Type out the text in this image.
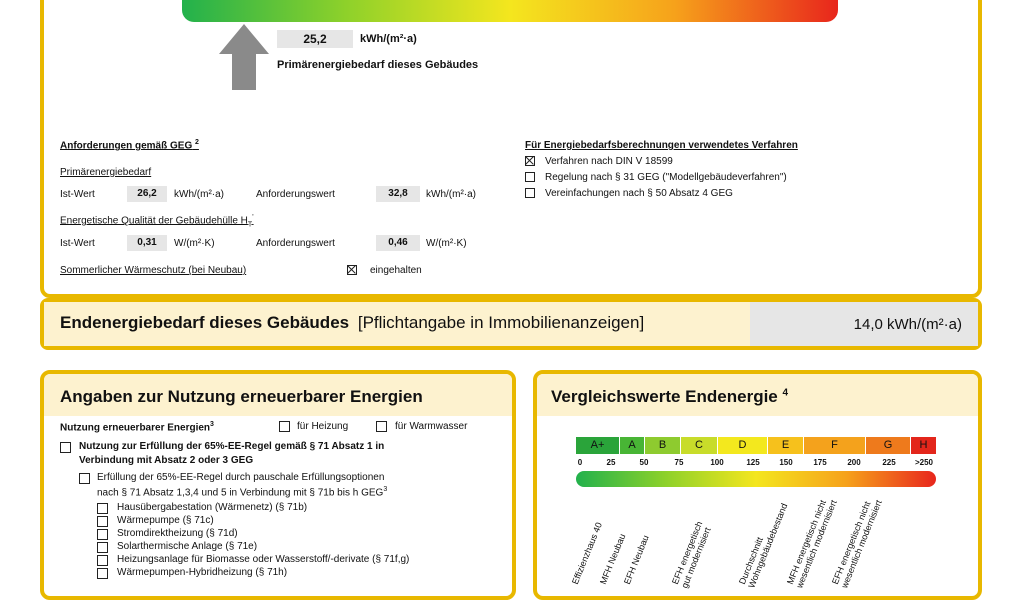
25,2	kWh/(m²·a)
Primärenergiebedarf dieses Gebäudes
Anforderungen gemäß GEG $^2$
Primärenergiebedarf
Ist-Wert	26,2	kWh/(m²·a)	Anforderungswert	32,8	kWh/(m²·a)
Energetische Qualität der Gebäudehülle $H_T'$
Ist-Wert	0,31	W/(m²·K)	Anforderungswert	0,46	W/(m²·K)
Sommerlicher Wärmeschutz (bei Neubau)	eingehalten
Für Energiebedarfsberechnungen verwendetes Verfahren
Verfahren nach DIN V 18599
Regelung nach § 31 GEG ("Modellgebäudeverfahren")
Vereinfachungen nach § 50 Absatz 4 GEG
Endenergiebedarf dieses Gebäudes [Pflichtangabe in Immobilienanzeigen]	14,0 kWh/(m²·a)
Angaben zur Nutzung erneuerbarer Energien
Nutzung erneuerbarer Energien$^3$	für Heizung	für Warmwasser
Nutzung zur Erfüllung der 65%-EE-Regel gemäß § 71 Absatz 1 in
Verbindung mit Absatz 2 oder 3 GEG
Erfüllung der 65%-EE-Regel durch pauschale Erfüllungsoptionen
nach § 71 Absatz 1,3,4 und 5 in Verbindung mit § 71b bis h GEG$^3$
Hausübergabestation (Wärmenetz) (§ 71b)
Wärmepumpe (§ 71c)
Stromdirektheizung (§ 71d)
Solarthermische Anlage (§ 71e)
Heizungsanlage für Biomasse oder Wasserstoff/-derivate (§ 71f,g)
Wärmepumpen-Hybridheizung (§ 71h)
Vergleichswerte Endenergie $^4$
A+	A	B	C	D	E	F	G	H
0	25	50	75	100	125	150	175	200	225	>250
Effizienzhaus 40
MFH Neubau
EFH Neubau EFH energetisch
gut modernisiert	Durchschnitt
Wohngebäudebestand
MFH energetisch nicht
wesentlich modernisiert
EFH energetisch nicht
wesentlich modernisiert
